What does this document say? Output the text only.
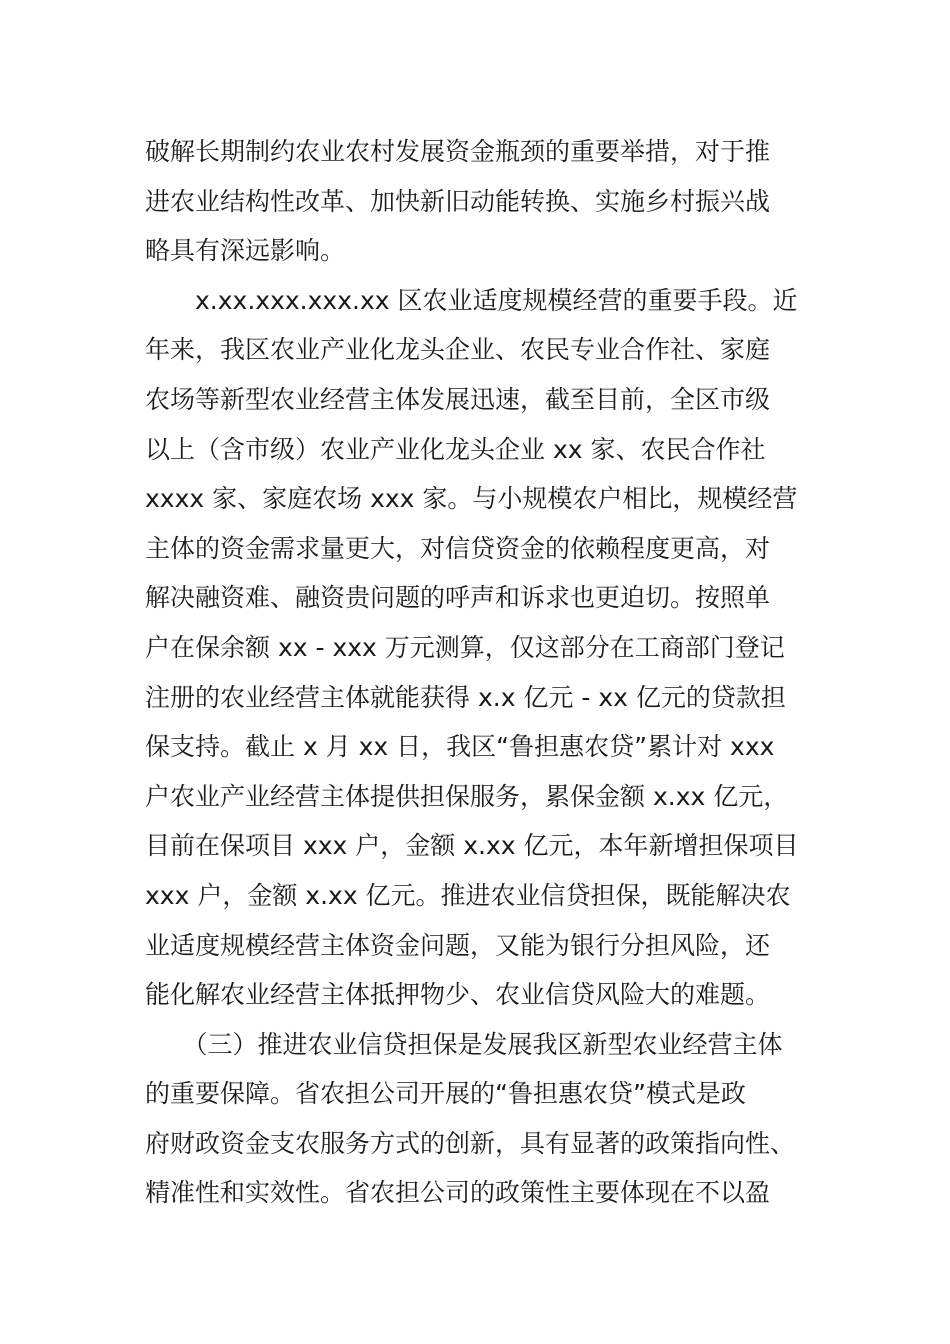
破解长期制约农业农村发展资金瓶颈的重要举措，对于推
进农业结构性改革、加快新旧动能转换、实施乡村振兴战
略具有深远影响。
　　x.xx.xxx.xxx.xx 区农业适度规模经营的重要手段。近
年来，我区农业产业化龙头企业、农民专业合作社、家庭
农场等新型农业经营主体发展迅速，截至目前，全区市级
以上（含市级）农业产业化龙头企业 xx 家、农民合作社
xxxx 家、家庭农场 xxx 家。与小规模农户相比，规模经营
主体的资金需求量更大，对信贷资金的依赖程度更高，对
解决融资难、融资贵问题的呼声和诉求也更迫切。按照单
户在保余额 xx - xxx 万元测算，仅这部分在工商部门登记
注册的农业经营主体就能获得 x.x 亿元 - xx 亿元的贷款担
保支持。截止 x 月 xx 日，我区“鲁担惠农贷”累计对 xxx
户农业产业经营主体提供担保服务，累保金额 x.xx 亿元，
目前在保项目 xxx 户，金额 x.xx 亿元，本年新增担保项目
xxx 户，金额 x.xx 亿元。推进农业信贷担保，既能解决农
业适度规模经营主体资金问题，又能为银行分担风险，还
能化解农业经营主体抵押物少、农业信贷风险大的难题。
　　（三）推进农业信贷担保是发展我区新型农业经营主体
的重要保障。省农担公司开展的“鲁担惠农贷”模式是政
府财政资金支农服务方式的创新，具有显著的政策指向性、
精准性和实效性。省农担公司的政策性主要体现在不以盈
